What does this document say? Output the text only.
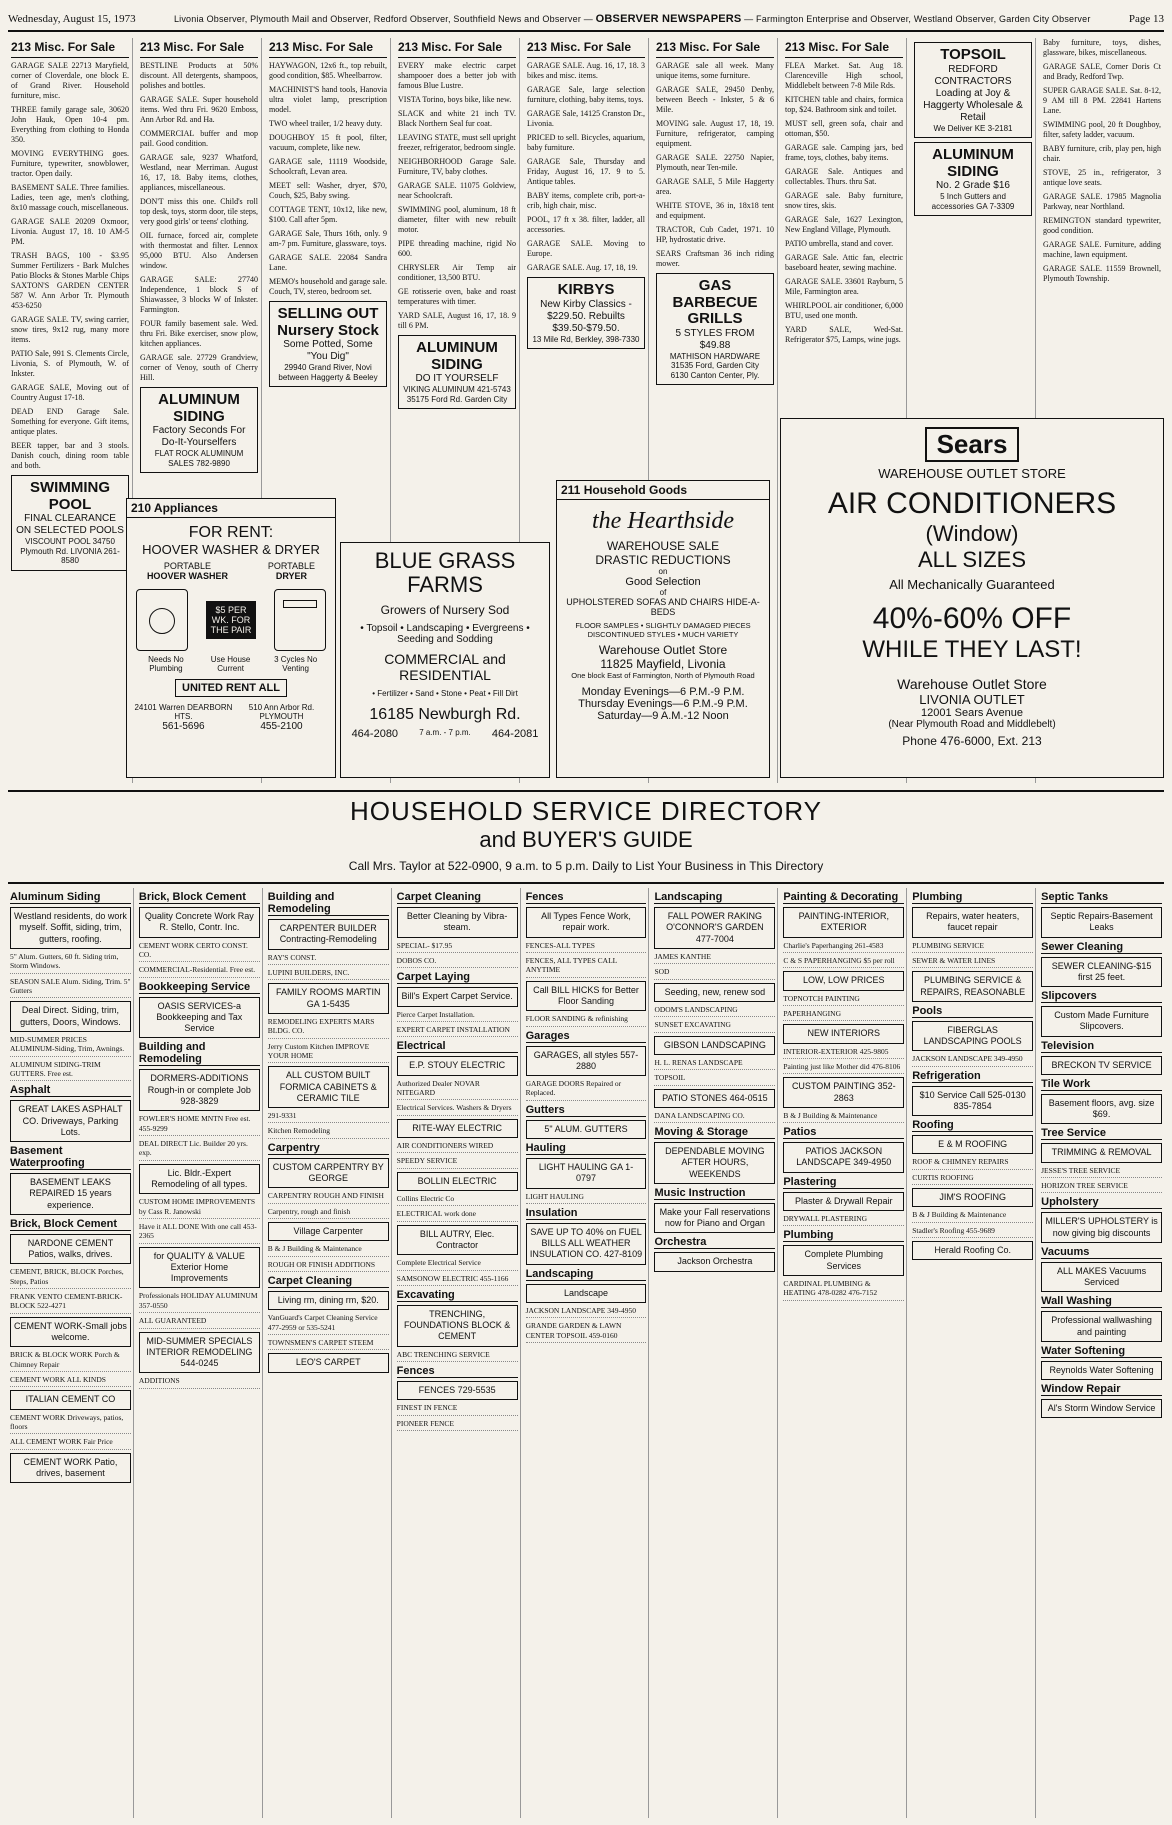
Wednesday, August 15, 1973	Livonia Observer, Plymouth Mail and Observer, Redford Observer, Southfield News and Observer — OBSERVER NEWSPAPERS — Farmington Enterprise and Observer, Westland Observer, Garden City Observer	Page 13
213 Misc. For Sale
GARAGE SALE 22713 Maryfield, corner of Cloverdale, one block E. of Grand River. Household furniture, misc.
THREE family garage sale, 30620 John Hauk, Open 10-4 pm. Everything from clothing to Honda 350.
MOVING EVERYTHING goes. Furniture, typewriter, snowblower, tractor. Open daily.
BASEMENT SALE. Three families. Ladies, teen age, men's clothing, 8x10 massage couch, miscellaneous.
GARAGE SALE 20209 Oxmoor, Livonia. August 17, 18. 10 AM-5 PM.
TRASH BAGS, 100 - $3.95 Summer Fertilizers - Bark Mulches Patio Blocks & Stones Marble Chips SAXTON'S GARDEN CENTER 587 W. Ann Arbor Tr. Plymouth 453-6250
GARAGE SALE. TV, swing carrier, snow tires, 9x12 rug, many more items.
PATIO Sale, 991 S. Clements Circle, Livonia, S. of Plymouth, W. of Inkster.
GARAGE SALE, Moving out of Country August 17-18.
DEAD END Garage Sale. Something for everyone. Gift items, antique plates.
BEER tapper, bar and 3 stools. Danish couch, dining room table and both.
SWIMMING POOL
FINAL CLEARANCE ON SELECTED POOLS
VISCOUNT POOL 34750 Plymouth Rd. LIVONIA 261-8580
213 Misc. For Sale
BESTLINE Products at 50% discount. All detergents, shampoos, polishes and bottles.
GARAGE SALE. Super household items. Wed thru Fri. 9620 Emboss, Ann Arbor Rd. and Ha.
COMMERCIAL buffer and mop pail. Good condition.
GARAGE sale, 9237 Whatford, Westland, near Merriman. August 16, 17, 18. Baby items, clothes, appliances, miscellaneous.
DON'T miss this one. Child's roll top desk, toys, storm door, tile steps, very good girls' or teens' clothing.
OIL furnace, forced air, complete with thermostat and filter. Lennox 95,000 BTU. Also Andersen window.
GARAGE SALE: 27740 Independence, 1 block S of Shiawassee, 3 blocks W of Inkster. Farmington.
FOUR family basement sale. Wed. thru Fri. Bike exerciser, snow plow, kitchen appliances.
GARAGE sale. 27729 Grandview, corner of Venoy, south of Cherry Hill.
ALUMINUM SIDING
Factory Seconds For Do-It-Yourselfers
FLAT ROCK ALUMINUM SALES 782-9890
213 Misc. For Sale
HAYWAGON, 12x6 ft., top rebuilt, good condition, $85. Wheelbarrow.
MACHINIST'S hand tools, Hanovia ultra violet lamp, prescription model.
TWO wheel trailer, 1/2 heavy duty.
DOUGHBOY 15 ft pool, filter, vacuum, complete, like new.
GARAGE sale, 11119 Woodside, Schoolcraft, Levan area.
MEET sell: Washer, dryer, $70, Couch, $25, Baby swing.
COTTAGE TENT, 10x12, like new, $100. Call after 5pm.
GARAGE Sale, Thurs 16th, only. 9 am-7 pm. Furniture, glassware, toys.
GARAGE SALE. 22084 Sandra Lane.
MEMO's household and garage sale. Couch, TV, stereo, bedroom set.
SELLING OUT Nursery Stock
Some Potted, Some "You Dig"
29940 Grand River, Novi between Haggerty & Beeley
213 Misc. For Sale
EVERY make electric carpet shampooer does a better job with famous Blue Lustre.
VISTA Torino, boys bike, like new.
SLACK and white 21 inch TV. Black Northern Seal fur coat.
LEAVING STATE, must sell upright freezer, refrigerator, bedroom single.
NEIGHBORHOOD Garage Sale. Furniture, TV, baby clothes.
GARAGE SALE. 11075 Goldview, near Schoolcraft.
SWIMMING pool, aluminum, 18 ft diameter, filter with new rebuilt motor.
PIPE threading machine, rigid No 600.
CHRYSLER Air Temp air conditioner, 13,500 BTU.
GE rotisserie oven, bake and roast temperatures with timer.
YARD SALE, August 16, 17, 18. 9 till 6 PM.
ALUMINUM SIDING
DO IT YOURSELF
VIKING ALUMINUM 421-5743 35175 Ford Rd. Garden City
213 Misc. For Sale
GARAGE SALE. Aug. 16, 17, 18. 3 bikes and misc. items.
GARAGE Sale, large selection furniture, clothing, baby items, toys.
GARAGE Sale, 14125 Cranston Dr., Livonia.
PRICED to sell. Bicycles, aquarium, baby furniture.
GARAGE Sale, Thursday and Friday, August 16, 17. 9 to 5. Antique tables.
BABY items, complete crib, port-a-crib, high chair, misc.
POOL, 17 ft x 38. filter, ladder, all accessories.
GARAGE SALE. Moving to Europe.
GARAGE SALE. Aug. 17, 18, 19.
KIRBYS
New Kirby Classics - $229.50. Rebuilts $39.50-$79.50.
13 Mile Rd, Berkley, 398-7330
213 Misc. For Sale
GARAGE sale all week. Many unique items, some furniture.
GARAGE SALE, 29450 Denby, between Beech - Inkster, 5 & 6 Mile.
MOVING sale. August 17, 18, 19. Furniture, refrigerator, camping equipment.
GARAGE SALE. 22750 Napier, Plymouth, near Ten-mile.
GARAGE SALE, 5 Mile Haggerty area.
WHITE STOVE, 36 in, 18x18 tent and equipment.
TRACTOR, Cub Cadet, 1971. 10 HP, hydrostatic drive.
SEARS Craftsman 36 inch riding mower.
GAS BARBECUE GRILLS
5 STYLES FROM $49.88
MATHISON HARDWARE 31535 Ford, Garden City 6130 Canton Center, Ply.
213 Misc. For Sale
FLEA Market. Sat. Aug 18. Clarenceville High school, Middlebelt between 7-8 Mile Rds.
KITCHEN table and chairs, formica top, $24. Bathroom sink and toilet.
MUST sell, green sofa, chair and ottoman, $50.
GARAGE sale. Camping jars, bed frame, toys, clothes, baby items.
GARAGE Sale. Antiques and collectables. Thurs. thru Sat.
GARAGE sale. Baby furniture, snow tires, skis.
GARAGE Sale, 1627 Lexington, New England Village, Plymouth.
PATIO umbrella, stand and cover.
GARAGE Sale. Attic fan, electric baseboard heater, sewing machine.
GARAGE SALE. 33601 Rayburn, 5 Mile, Farmington area.
WHIRLPOOL air conditioner, 6,000 BTU, used one month.
YARD SALE, Wed-Sat. Refrigerator $75, Lamps, wine jugs.
TOPSOIL
REDFORD CONTRACTORS Loading at Joy & Haggerty Wholesale & Retail
We Deliver KE 3-2181
ALUMINUM SIDING
No. 2 Grade $16
5 Inch Gutters and accessories GA 7-3309
Baby furniture, toys, dishes, glassware, bikes, miscellaneous.
GARAGE SALE, Corner Doris Ct and Brady, Redford Twp.
SUPER GARAGE SALE. Sat. 8-12, 9 AM till 8 PM. 22841 Hartens Lane.
SWIMMING pool, 20 ft Doughboy, filter, safety ladder, vacuum.
BABY furniture, crib, play pen, high chair.
STOVE, 25 in., refrigerator, 3 antique love seats.
GARAGE SALE. 17985 Magnolia Parkway, near Northland.
REMINGTON standard typewriter, good condition.
GARAGE SALE. Furniture, adding machine, lawn equipment.
GARAGE SALE. 11559 Brownell, Plymouth Township.
210 Appliances
FOR RENT:
HOOVER WASHER & DRYER
PORTABLE
HOOVER WASHER
PORTABLE
DRYER
$5 PER WK. FOR THE PAIR
Needs No Plumbing
Use House Current
3 Cycles No Venting
UNITED RENT ALL
24101 Warren DEARBORN HTS.
561-5696
510 Ann Arbor Rd. PLYMOUTH
455-2100
BLUE GRASS FARMS
Growers of Nursery Sod
• Topsoil • Landscaping • Evergreens • Seeding and Sodding
COMMERCIAL and RESIDENTIAL
• Fertilizer • Sand • Stone • Peat • Fill Dirt
16185 Newburgh Rd.
464-2080	7 a.m. - 7 p.m. 464-2081
211 Household Goods
the Hearthside
WAREHOUSE SALE
DRASTIC REDUCTIONS
on
Good Selection
of
UPHOLSTERED SOFAS AND CHAIRS HIDE-A-BEDS
FLOOR SAMPLES • SLIGHTLY DAMAGED PIECES DISCONTINUED STYLES • MUCH VARIETY
Warehouse Outlet Store
11825 Mayfield, Livonia
One block East of Farmington, North of Plymouth Road
Monday Evenings—6 P.M.-9 P.M.
Thursday Evenings—6 P.M.-9 P.M.
Saturday—9 A.M.-12 Noon
Sears
WAREHOUSE OUTLET STORE
AIR CONDITIONERS
(Window)
ALL SIZES
All Mechanically Guaranteed
40%-60% OFF
WHILE THEY LAST!
Warehouse Outlet Store
LIVONIA OUTLET
12001 Sears Avenue
(Near Plymouth Road and Middlebelt)
Phone 476-6000, Ext. 213
HOUSEHOLD SERVICE DIRECTORY
and BUYER'S GUIDE
Call Mrs. Taylor at 522-0900, 9 a.m. to 5 p.m. Daily to List Your Business in This Directory
Aluminum Siding
Westland residents, do work myself. Soffit, siding, trim, gutters, roofing.
5" Alum. Gutters, 60 ft. Siding trim, Storm Windows.
SEASON SALE Alum. Siding, Trim. 5" Gutters
Deal Direct. Siding, trim, gutters, Doors, Windows.
MID-SUMMER PRICES ALUMINUM-Siding, Trim, Awnings.
ALUMINUM SIDING-TRIM GUTTERS. Free est.
Asphalt
GREAT LAKES ASPHALT CO. Driveways, Parking Lots.
Basement Waterproofing
BASEMENT LEAKS REPAIRED 15 years experience.
Brick, Block Cement
NARDONE CEMENT Patios, walks, drives.
CEMENT, BRICK, BLOCK Porches, Steps, Patios
FRANK VENTO CEMENT-BRICK-BLOCK 522-4271
CEMENT WORK-Small jobs welcome.
BRICK & BLOCK WORK Porch & Chimney Repair
CEMENT WORK ALL KINDS
ITALIAN CEMENT CO
CEMENT WORK Driveways, patios, floors
ALL CEMENT WORK Fair Price
CEMENT WORK Patio, drives, basement
Brick, Block Cement
Quality Concrete Work Ray R. Stello, Contr. Inc.
CEMENT WORK CERTO CONST. CO.
COMMERCIAL-Residential. Free est.
Bookkeeping Service
OASIS SERVICES-a Bookkeeping and Tax Service
Building and Remodeling
DORMERS-ADDITIONS Rough-in or complete Job 928-3829
FOWLER'S HOME MNTN Free est. 455-9299
DEAL DIRECT Lic. Builder 20 yrs. exp.
Lic. Bldr.-Expert Remodeling of all types.
CUSTOM HOME IMPROVEMENTS by Cass R. Janowski
Have it ALL DONE With one call 453-2365
for QUALITY & VALUE Exterior Home Improvements
Professionals HOLIDAY ALUMINUM 357-0550
ALL GUARANTEED
MID-SUMMER SPECIALS INTERIOR REMODELING 544-0245
ADDITIONS
Building and Remodeling
CARPENTER BUILDER Contracting-Remodeling
RAY'S CONST.
LUPINI BUILDERS, INC.
FAMILY ROOMS MARTIN GA 1-5435
REMODELING EXPERTS MARS BLDG. CO.
Jerry Custom Kitchen IMPROVE YOUR HOME
ALL CUSTOM BUILT FORMICA CABINETS & CERAMIC TILE
291-9331
Kitchen Remodeling
Carpentry
CUSTOM CARPENTRY BY GEORGE
CARPENTRY ROUGH AND FINISH
Carpentry, rough and finish
Village Carpenter
B & J Building & Maintenance
ROUGH OR FINISH ADDITIONS
Carpet Cleaning
Living rm, dining rm, $20.
VanGuard's Carpet Cleaning Service 477-2959 or 535-5241
TOWNSMEN'S CARPET STEEM
LEO'S CARPET
Carpet Cleaning
Better Cleaning by Vibra-steam.
SPECIAL- $17.95
DOBOS CO.
Carpet Laying
Bill's Expert Carpet Service.
Pierce Carpet Installation.
EXPERT CARPET INSTALLATION
Electrical
E.P. STOUY ELECTRIC
Authorized Dealer NOVAR NITEGARD
Electrical Services. Washers & Dryers
RITE-WAY ELECTRIC
AIR CONDITIONERS WIRED
SPEEDY SERVICE
BOLLIN ELECTRIC
Collins Electric Co
ELECTRICAL work done
BILL AUTRY, Elec. Contractor
Complete Electrical Service
SAMSONOW ELECTRIC 455-1166
Excavating
TRENCHING, FOUNDATIONS BLOCK & CEMENT
ABC TRENCHING SERVICE
Fences
FENCES 729-5535
FINEST IN FENCE
PIONEER FENCE
Fences
All Types Fence Work, repair work.
FENCES-ALL TYPES
FENCES, ALL TYPES CALL ANYTIME
Call BILL HICKS for Better Floor Sanding
FLOOR SANDING & refinishing
Garages
GARAGES, all styles 557-2880
GARAGE DOORS Repaired or Replaced.
Gutters
5" ALUM. GUTTERS
Hauling
LIGHT HAULING GA 1-0797
LIGHT HAULING
Insulation
SAVE UP TO 40% on FUEL BILLS ALL WEATHER INSULATION CO. 427-8109
Landscaping
Landscape
JACKSON LANDSCAPE 349-4950
GRANDE GARDEN & LAWN CENTER TOPSOIL 459-0160
Landscaping
FALL POWER RAKING O'CONNOR'S GARDEN 477-7004
JAMES KANTHE
SOD
Seeding, new, renew sod
ODOM'S LANDSCAPING
SUNSET EXCAVATING
GIBSON LANDSCAPING
H. L. RENAS LANDSCAPE
TOPSOIL
PATIO STONES 464-0515
DANA LANDSCAPING CO.
Moving & Storage
DEPENDABLE MOVING AFTER HOURS, WEEKENDS
Music Instruction
Make your Fall reservations now for Piano and Organ
Orchestra
Jackson Orchestra
Painting & Decorating
PAINTING-INTERIOR, EXTERIOR
Charlie's Paperhanging 261-4583
C & S PAPERHANGING $5 per roll
LOW, LOW PRICES
TOPNOTCH PAINTING
PAPERHANGING
NEW INTERIORS
INTERIOR-EXTERIOR 425-9805
Painting just like Mother did 476-8106
CUSTOM PAINTING 352-2863
B & J Building & Maintenance
Patios
PATIOS JACKSON LANDSCAPE 349-4950
Plastering
Plaster & Drywall Repair
DRYWALL PLASTERING
Plumbing
Complete Plumbing Services
CARDINAL PLUMBING & HEATING 478-0282 476-7152
Plumbing
Repairs, water heaters, faucet repair
PLUMBING SERVICE
SEWER & WATER LINES
PLUMBING SERVICE & REPAIRS, REASONABLE
Pools
FIBERGLAS LANDSCAPING POOLS
JACKSON LANDSCAPE 349-4950
Refrigeration
$10 Service Call 525-0130 835-7854
Roofing
E & M ROOFING
ROOF & CHIMNEY REPAIRS
CURTIS ROOFING
JIM'S ROOFING
B & J Building & Maintenance
Stadler's Roofing 455-9689
Herald Roofing Co.
Septic Tanks
Septic Repairs-Basement Leaks
Sewer Cleaning
SEWER CLEANING-$15 first 25 feet.
Slipcovers
Custom Made Furniture Slipcovers.
Television
BRECKON TV SERVICE
Tile Work
Basement floors, avg. size $69.
Tree Service
TRIMMING & REMOVAL
JESSE'S TREE SERVICE
HORIZON TREE SERVICE
Upholstery
MILLER'S UPHOLSTERY is now giving big discounts
Vacuums
ALL MAKES Vacuums Serviced
Wall Washing
Professional wallwashing and painting
Water Softening
Reynolds Water Softening
Window Repair
Al's Storm Window Service
